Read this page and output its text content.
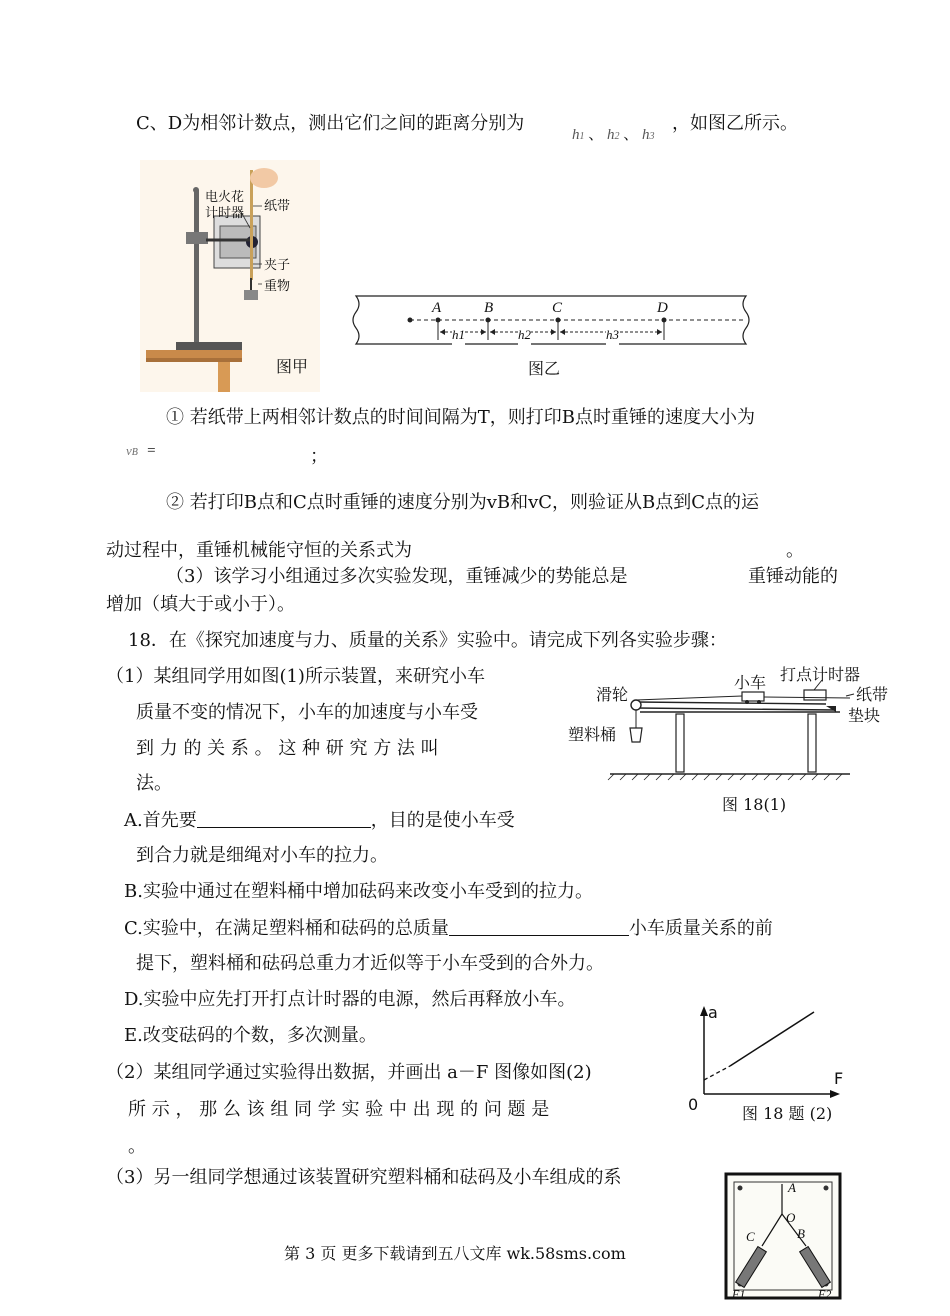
C、D为相邻计数点，测出它们之间的距离分别为
h1 、 h2 、 h3
，如图乙所示。
电火花
计时器 纸带
夹子
重物
图甲
A	B	C	D
h1	h2	h3
图乙
① 若纸带上两相邻计数点的时间间隔为T，则打印B点时重锤的速度大小为
vB =	；
② 若打印B点和C点时重锤的速度分别为vB和vC，则验证从B点到C点的运
动过程中，重锤机械能守恒的关系式为	。
（3）该学习小组通过多次实验发现，重锤减少的势能总是	重锤动能的
增加（填大于或小于）。
18．在《探究加速度与力、质量的关系》实验中。请完成下列各实验步骤：
（1）某组同学用如图(1)所示装置，来研究小车
质量不变的情况下，小车的加速度与小车受
到 力 的 关 系 。 这 种 研 究 方 法 叫
法。
A.首先要	，目的是使小车受
到合力就是细绳对小车的拉力。
B.实验中通过在塑料桶中增加砝码来改变小车受到的拉力。
C.实验中，在满足塑料桶和砝码的总质量	小车质量关系的前
提下，塑料桶和砝码总重力才近似等于小车受到的合外力。
D.实验中应先打开打点计时器的电源，然后再释放小车。
E.改变砝码的个数，多次测量。
（2）某组同学通过实验得出数据，并画出 a－F 图像如图(2)
所 示 ， 那 么 该 组 同 学 实 验 中 出 现 的 问 题 是
。
（3）另一组同学想通过该装置研究塑料桶和砝码及小车组成的系
滑轮
小车 打点计时器
纸带
垫块
塑料桶
图 18(1)
a
F
0	图 18 题 (2)
A
O
B
C
F1	F2
第 3 页 更多下载请到五八文库 wk.58sms.com
